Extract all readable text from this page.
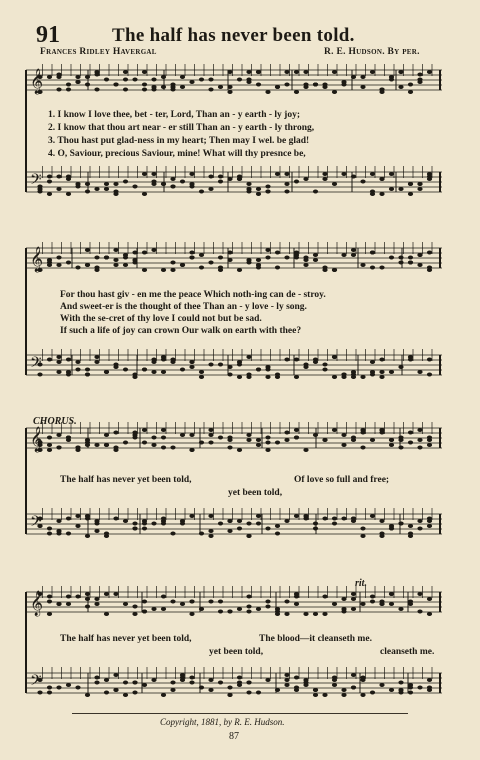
91	The half has never been told.
Frances Ridley Havergal	R. E. Hudson. By per.
𝄞
𝄢
𝄞
𝄢
𝄞
𝄢
𝄞
𝄢
1. I know I love thee, bet - ter, Lord, Than an - y earth - ly joy;
2. I know that thou art near - er still Than an - y earth - ly throng,
3. Thou hast put glad-ness in my heart; Then may I wel. be glad!
4. O, Saviour, precious Saviour, mine! What will thy presnce be,
For thou hast giv - en me the peace Which noth-ing can de - stroy.
And sweet-er is the thought of thee Than an - y love - ly song.
With the se-cret of thy love I could not but be sad.
If such a life of joy can crown Our walk on earth with thee?
CHORUS.
The half has never yet been told,
yet been told,
Of love so full and free;
rit.
The half has never yet been told,
yet been told,
The blood—it cleanseth me.
cleanseth me.
Copyright, 1881, by R. E. Hudson.
87
